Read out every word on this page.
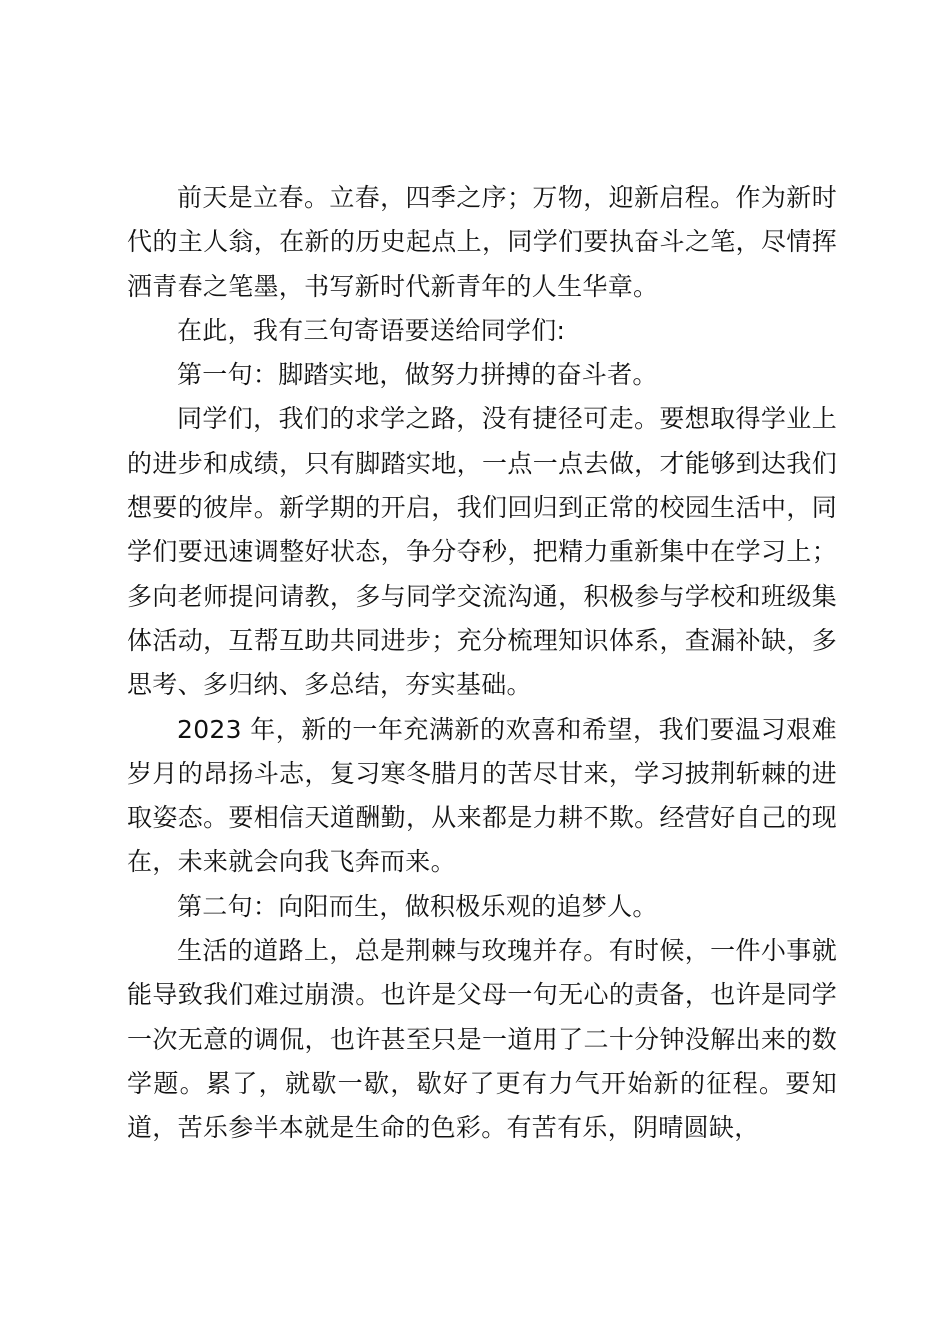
前天是立春。立春，四季之序；万物，迎新启程。作为新时代的主人翁，在新的历史起点上，同学们要执奋斗之笔，尽情挥洒青春之笔墨，书写新时代新青年的人生华章。

在此，我有三句寄语要送给同学们:

第一句：脚踏实地，做努力拼搏的奋斗者。

同学们，我们的求学之路，没有捷径可走。要想取得学业上的进步和成绩，只有脚踏实地，一点一点去做，才能够到达我们想要的彼岸。新学期的开启，我们回归到正常的校园生活中，同学们要迅速调整好状态，争分夺秒，把精力重新集中在学习上；多向老师提问请教，多与同学交流沟通，积极参与学校和班级集体活动，互帮互助共同进步；充分梳理知识体系，查漏补缺，多思考、多归纳、多总结，夯实基础。

2023 年，新的一年充满新的欢喜和希望，我们要温习艰难岁月的昂扬斗志，复习寒冬腊月的苦尽甘来，学习披荆斩棘的进取姿态。要相信天道酬勤，从来都是力耕不欺。经营好自己的现在，未来就会向我飞奔而来。

第二句：向阳而生，做积极乐观的追梦人。

生活的道路上，总是荆棘与玫瑰并存。有时候，一件小事就能导致我们难过崩溃。也许是父母一句无心的责备，也许是同学一次无意的调侃，也许甚至只是一道用了二十分钟没解出来的数学题。累了，就歇一歇，歇好了更有力气开始新的征程。要知道，苦乐参半本就是生命的色彩。有苦有乐，阴晴圆缺，
